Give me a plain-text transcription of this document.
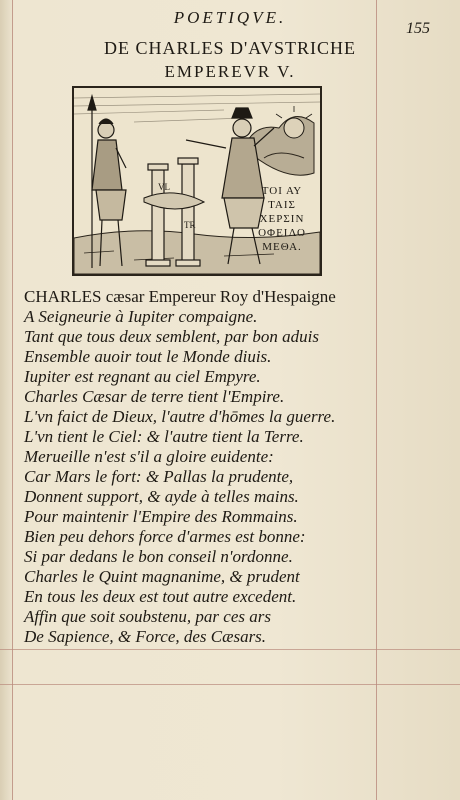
POETIQVE.
155
DE CHARLES D'AVSTRICHE
EMPEREVR V.
VL
TR
ΤΟΙ ΑΥ
ΤΑΙΣ
ΧΕΡΣΙΝ
ΟΦΕΙΛΟ
ΜΕΘΑ.
CHARLES cæsar Empereur Roy d'Hespaigne
A Seigneurie à Iupiter compaigne.
Tant que tous deux semblent, par bon aduis
Ensemble auoir tout le Monde diuis.
Iupiter est regnant au ciel Empyre.
Charles Cæsar de terre tient l'Empire.
L'vn faict de Dieux, l'autre d'hōmes la guerre.
L'vn tient le Ciel: & l'autre tient la Terre.
Merueille n'est s'il a gloire euidente:
Car Mars le fort: & Pallas la prudente,
Donnent support, & ayde à telles mains.
Pour maintenir l'Empire des Rommains.
Bien peu dehors force d'armes est bonne:
Si par dedans le bon conseil n'ordonne.
Charles le Quint magnanime, & prudent
En tous les deux est tout autre excedent.
Affin que soit soubstenu, par ces ars
De Sapience, & Force, des Cæsars.
